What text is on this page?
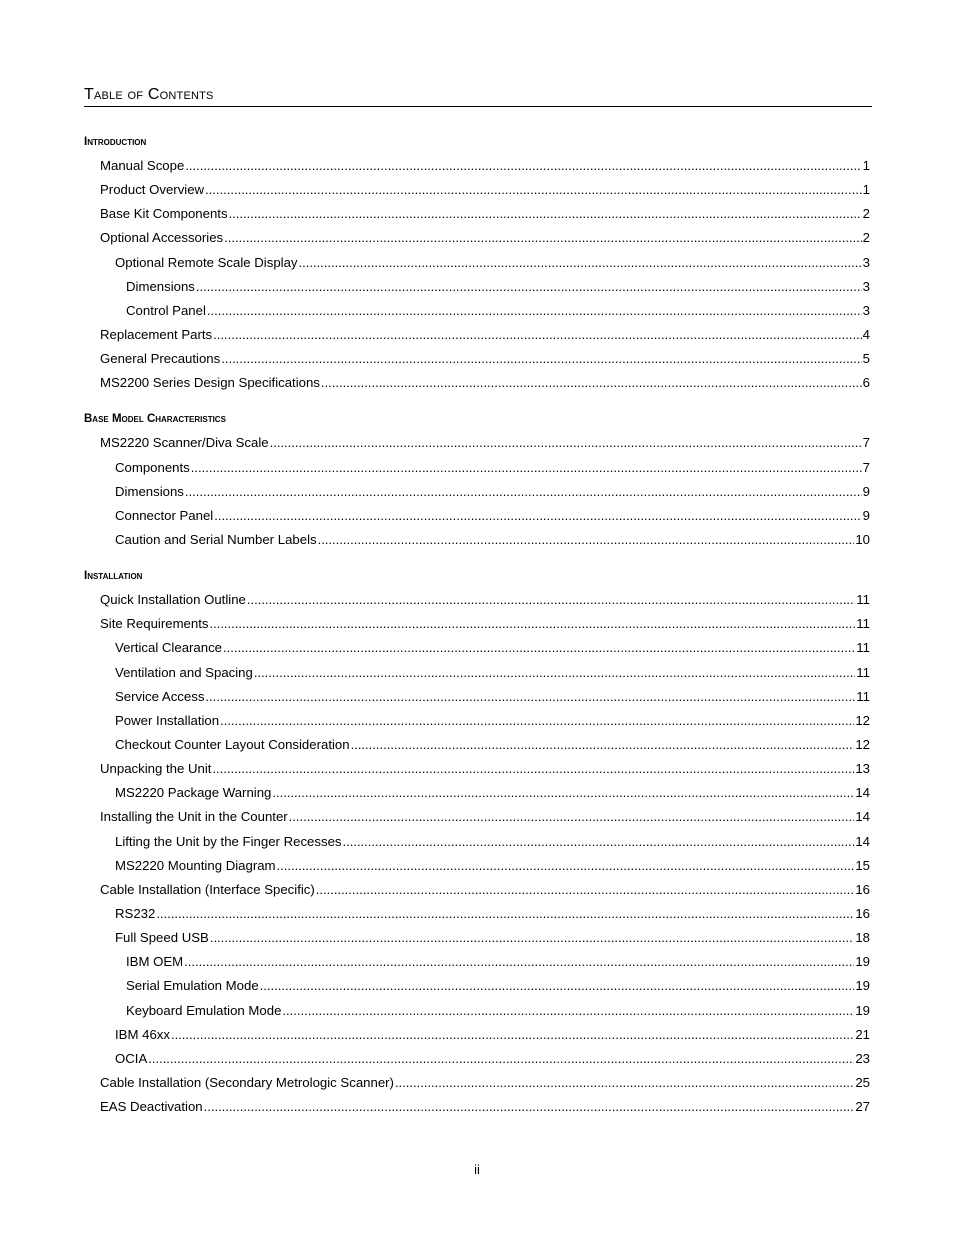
Table of Contents
Introduction
Manual Scope .....	1
Product Overview .....	1
Base Kit Components .....	2
Optional Accessories .....	2
Optional Remote Scale Display .....	3
Dimensions .....	3
Control Panel .....	3
Replacement Parts .....	4
General Precautions .....	5
MS2200 Series Design Specifications .....	6
Base Model Characteristics
MS2220 Scanner/Diva Scale .....	7
Components .....	7
Dimensions .....	9
Connector Panel .....	9
Caution and Serial Number Labels .....	10
Installation
Quick Installation Outline .....	11
Site Requirements .....	11
Vertical Clearance .....	11
Ventilation and Spacing .....	11
Service Access .....	11
Power Installation .....	12
Checkout Counter Layout Consideration .....	12
Unpacking the Unit .....	13
MS2220 Package Warning .....	14
Installing the Unit in the Counter .....	14
Lifting the Unit by the Finger Recesses .....	14
MS2220 Mounting Diagram .....	15
Cable Installation (Interface Specific) .....	16
RS232 .....	16
Full Speed USB .....	18
IBM OEM .....	19
Serial Emulation Mode .....	19
Keyboard Emulation Mode .....	19
IBM 46xx .....	21
OCIA .....	23
Cable Installation (Secondary Metrologic Scanner) .....	25
EAS Deactivation .....	27
ii
